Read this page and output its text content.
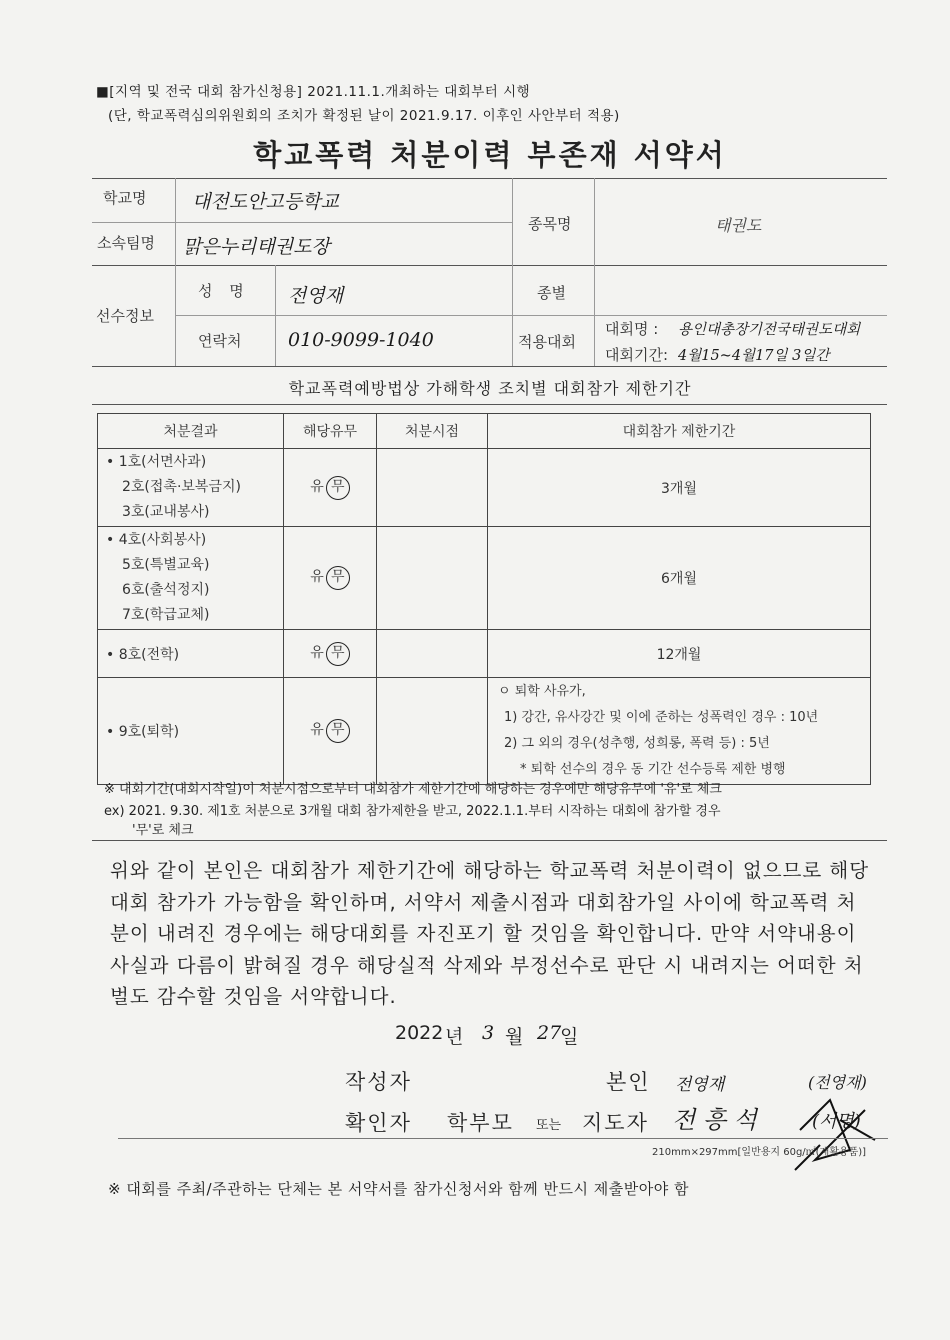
■[지역 및 전국 대회 참가신청용] 2021.11.1.개최하는 대회부터 시행
(단, 학교폭력심의위원회의 조치가 확정된 날이 2021.9.17. 이후인 사안부터 적용)
학교폭력 처분이력 부존재 서약서
학교명 대전도안고등학교
소속팀명 맑은누리태권도장
종목명	태권도
선수정보
성 명 전영재
연락처 010-9099-1040
종별
적용대회
대회명 : 용인대총장기전국태권도대회
대회기간: 4월15~4월17일 3일간
학교폭력예방법상 가해학생 조치별 대회참가 제한기간
처분결과	해당유무	처분시점	대회참가 제한기간

• 1호(서면사과)
2호(접촉·보복금지)
3호(교내봉사)	유 무		3개월

• 4호(사회봉사)
5호(특별교육)
6호(출석정지)
7호(학급교체)	유 무		6개월

• 8호(전학)	유 무		12개월

• 9호(퇴학)	유 무		ㅇ 퇴학 사유가,
1) 강간, 유사강간 및 이에 준하는 성폭력인 경우 : 10년
2) 그 외의 경우(성추행, 성희롱, 폭력 등) : 5년
* 퇴학 선수의 경우 동 기간 선수등록 제한 병행
※ 대회기간(대회시작일)이 처분시점으로부터 대회참가 제한기간에 해당하는 경우에만 해당유무에 '유'로 체크
ex) 2021. 9.30. 제1호 처분으로 3개월 대회 참가제한을 받고, 2022.1.1.부터 시작하는 대회에 참가할 경우
'무'로 체크
위와 같이 본인은 대회참가 제한기간에 해당하는 학교폭력 처분이력이 없으므로 해당 대회 참가가 가능함을 확인하며, 서약서 제출시점과 대회참가일 사이에 학교폭력 처분이 내려진 경우에는 해당대회를 자진포기 할 것임을 확인합니다. 만약 서약내용이 사실과 다름이 밝혀질 경우 해당실적 삭제와 부정선수로 판단 시 내려지는 어떠한 처벌도 감수할 것임을 서약합니다.
2022 년 3 월 27
일
작성자	본인 전영재	(전영재)
확인자 학부모 또는 지도자 전 흥 석	(서명)
210mm×297mm[일반용지 60g/㎡(재활용품)]
※ 대회를 주최/주관하는 단체는 본 서약서를 참가신청서와 함께 반드시 제출받아야 함
